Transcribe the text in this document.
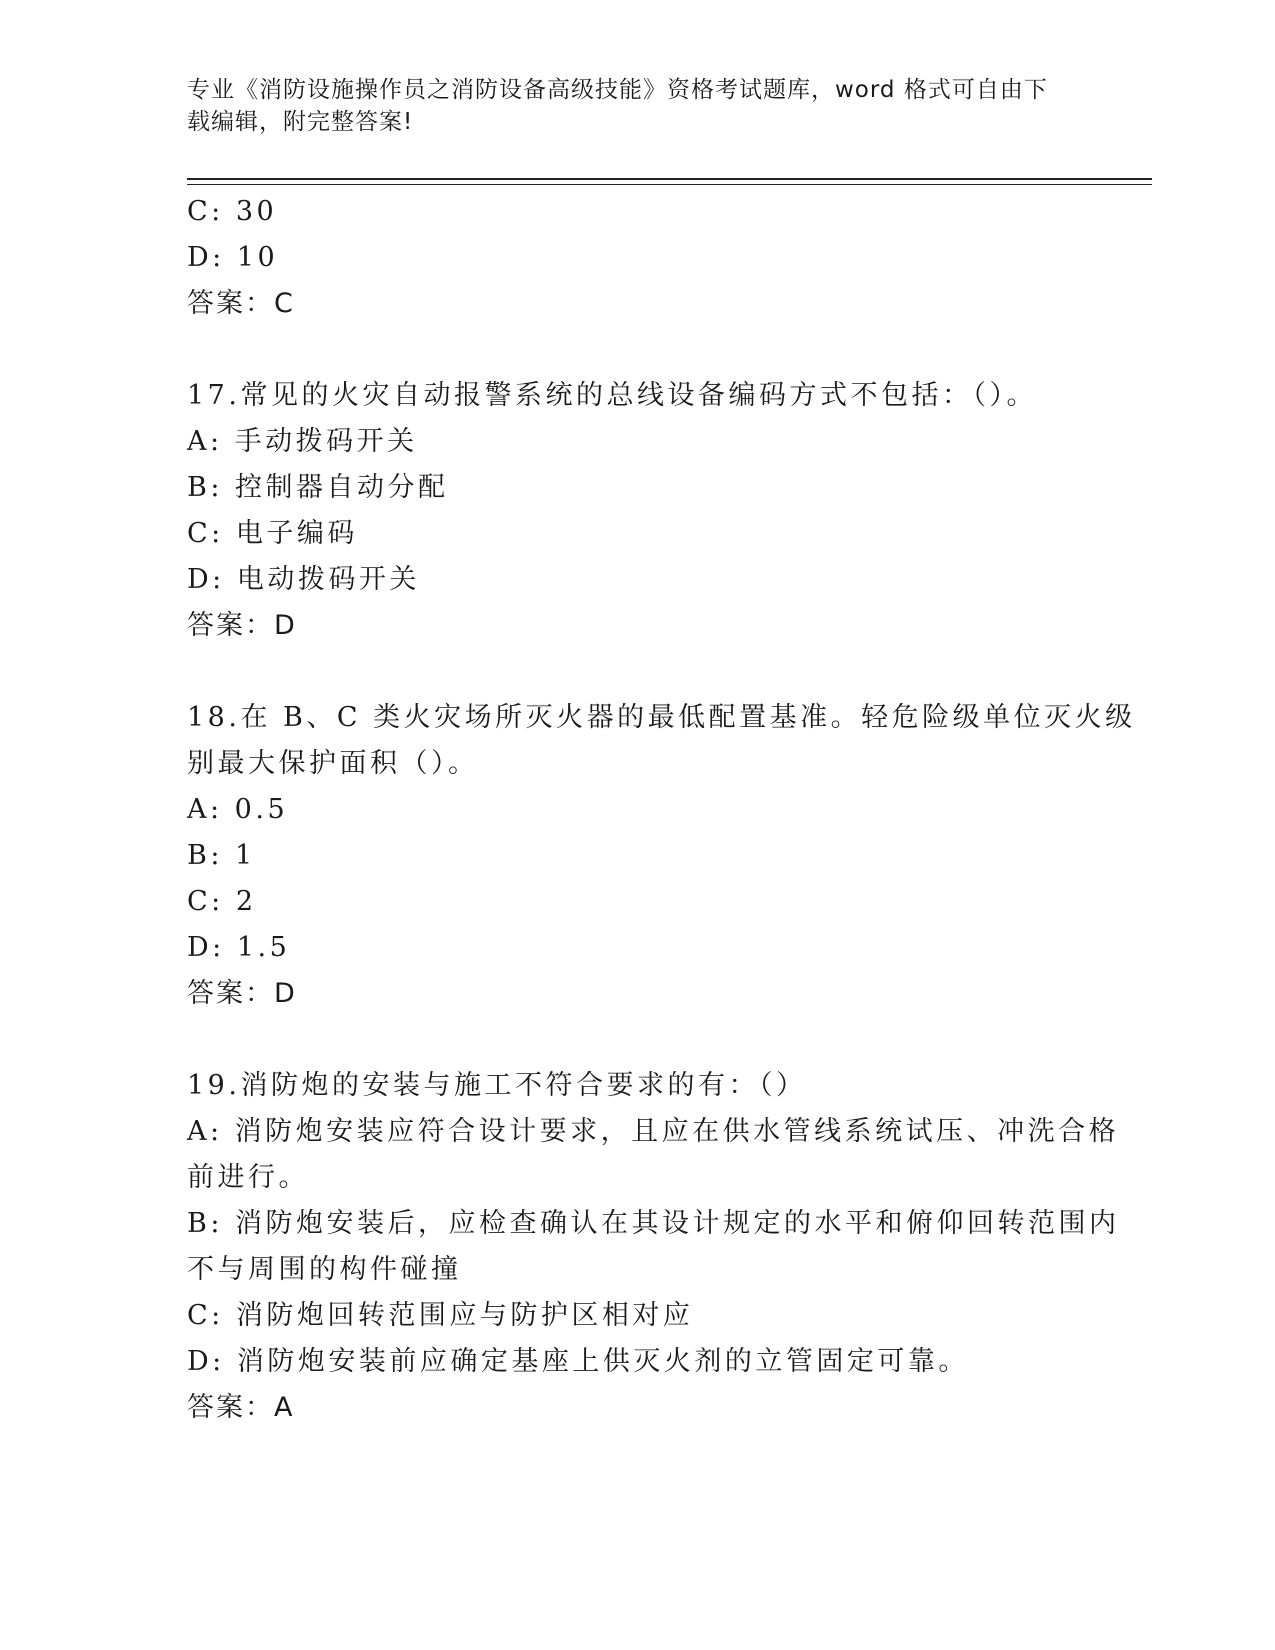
专业《消防设施操作员之消防设备高级技能》资格考试题库，word 格式可自由下
载编辑，附完整答案!
C: 30
D: 10
答案：C
17.常见的火灾自动报警系统的总线设备编码方式不包括：（）。
A: 手动拨码开关
B: 控制器自动分配
C: 电子编码
D: 电动拨码开关
答案：D
18.在 B、C 类火灾场所灭火器的最低配置基准。轻危险级单位灭火级
别最大保护面积（）。
A: 0.5
B: 1
C: 2
D: 1.5
答案：D
19.消防炮的安装与施工不符合要求的有：（）
A: 消防炮安装应符合设计要求，且应在供水管线系统试压、冲洗合格
前进行。
B: 消防炮安装后，应检查确认在其设计规定的水平和俯仰回转范围内
不与周围的构件碰撞
C: 消防炮回转范围应与防护区相对应
D: 消防炮安装前应确定基座上供灭火剂的立管固定可靠。
答案：A
